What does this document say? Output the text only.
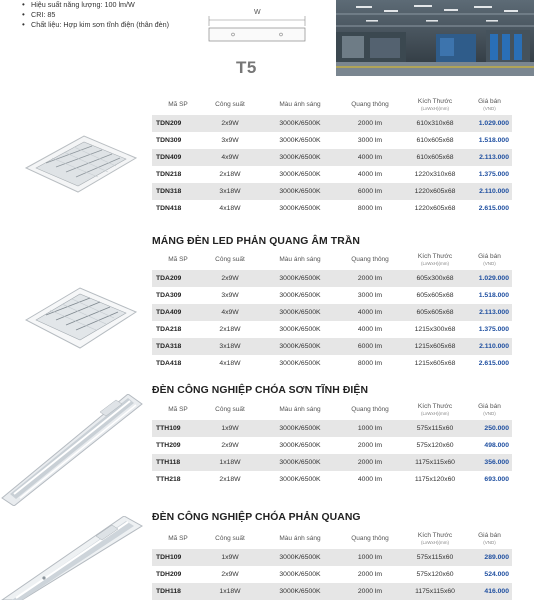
• Hiệu suất năng lượng: 100 lm/W
• CRI: 85
• Chất liệu: Hợp kim sơn tĩnh điện (thân đèn)
W
T5
Mã SP	Công suất	Màu ánh sáng	Quang thông	Kích Thước
(LxWxH)(mm)
Giá bán
(VND)
TDN209	2x9W	3000K/6500K	2000 lm	610x310x68	1.029.000
TDN309	3x9W	3000K/6500K	3000 lm	610x605x68	1.518.000
TDN409	4x9W	3000K/6500K	4000 lm	610x605x68	2.113.000
TDN218	2x18W	3000K/6500K	4000 lm	1220x310x68	1.375.000
TDN318	3x18W	3000K/6500K	6000 lm	1220x605x68	2.110.000
TDN418	4x18W	3000K/6500K	8000 lm	1220x605x68	2.615.000
MÁNG ĐÈN LED PHẢN QUANG ÂM TRẦN
Mã SP	Công suất	Màu ánh sáng	Quang thông	Kích Thước
(LxWxH)(mm)
Giá bán
(VND)
TDA209	2x9W	3000K/6500K	2000 lm	605x300x68	1.029.000
TDA309	3x9W	3000K/6500K	3000 lm	605x605x68	1.518.000
TDA409	4x9W	3000K/6500K	4000 lm	605x605x68	2.113.000
TDA218	2x18W	3000K/6500K	4000 lm	1215x300x68	1.375.000
TDA318	3x18W	3000K/6500K	6000 lm	1215x605x68	2.110.000
TDA418	4x18W	3000K/6500K	8000 lm	1215x605x68	2.615.000
ĐÈN CÔNG NGHIỆP CHÓA SƠN TĨNH ĐIỆN
Mã SP	Công suất	Màu ánh sáng	Quang thông	Kích Thước
(LxWxH)(mm)
Giá bán
(VND)
TTH109	1x9W	3000K/6500K	1000 lm	575x115x60	250.000
TTH209	2x9W	3000K/6500K	2000 lm	575x120x60	498.000
TTH118	1x18W	3000K/6500K	2000 lm	1175x115x60	356.000
TTH218	2x18W	3000K/6500K	4000 lm	1175x120x60	693.000
ĐÈN CÔNG NGHIỆP CHÓA PHẢN QUANG
Mã SP	Công suất	Màu ánh sáng	Quang thông	Kích Thước
(LxWxH)(mm)
Giá bán
(VND)
TDH109	1x9W	3000K/6500K	1000 lm	575x115x60	289.000
TDH209	2x9W	3000K/6500K	2000 lm	575x120x60	524.000
TDH118	1x18W	3000K/6500K	2000 lm	1175x115x60	416.000
